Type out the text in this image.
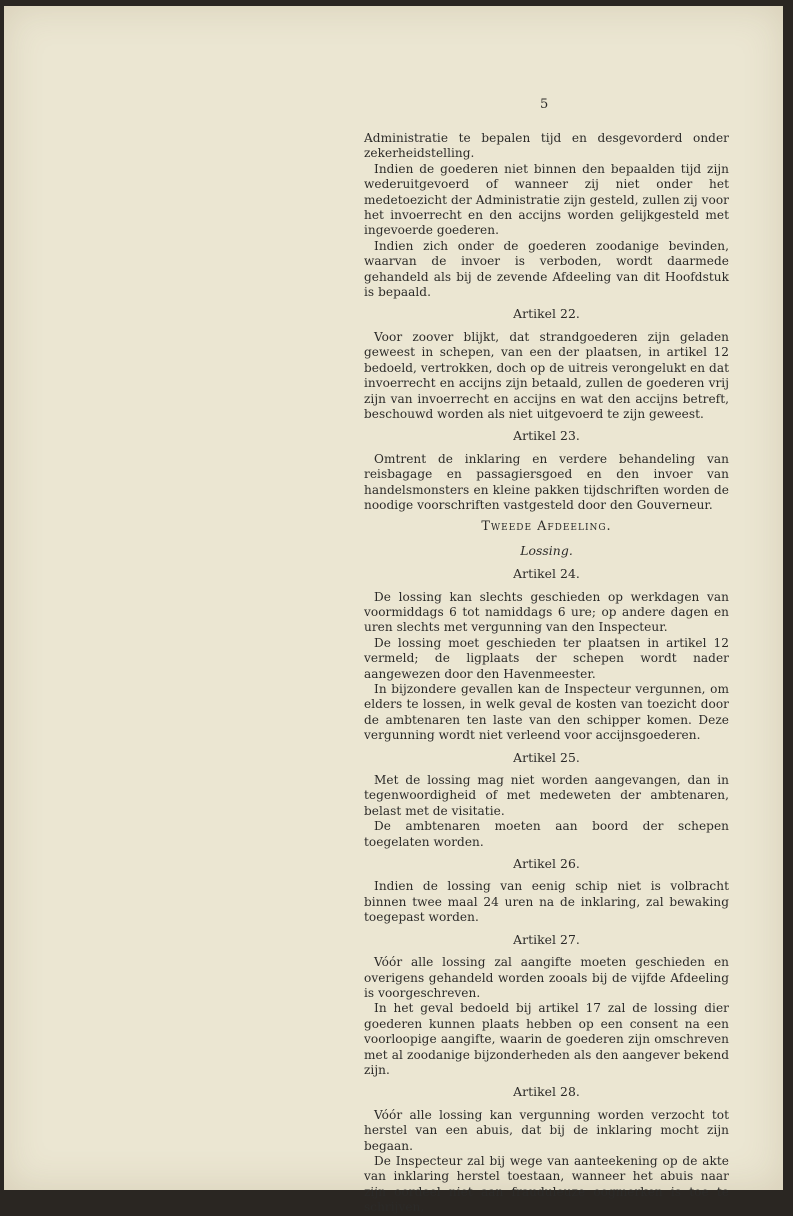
5

Administratie te bepalen tijd en desgevorderd onder zekerheidstelling.

Indien de goederen niet binnen den bepaalden tijd zijn wederuitgevoerd of wanneer zij niet onder het medetoezicht der Administratie zijn gesteld, zullen zij voor het invoerrecht en den accijns worden gelijkgesteld met ingevoerde goederen.

Indien zich onder de goederen zoodanige bevinden, waarvan de invoer is verboden, wordt daarmede gehandeld als bij de zevende Afdeeling van dit Hoofdstuk is bepaald.

Artikel 22.

Voor zoover blijkt, dat strandgoederen zijn geladen geweest in schepen, van een der plaatsen, in artikel 12 bedoeld, vertrokken, doch op de uitreis verongelukt en dat invoerrecht en accijns zijn betaald, zullen de goederen vrij zijn van invoerrecht en accijns en wat den accijns betreft, beschouwd worden als niet uitgevoerd te zijn geweest.

Artikel 23.

Omtrent de inklaring en verdere behandeling van reisbagage en passagiersgoed en den invoer van handelsmonsters en kleine pakken tijdschriften worden de noodige voorschriften vastgesteld door den Gouverneur.

Tweede Afdeeling.
Lossing.
Artikel 24.

De lossing kan slechts geschieden op werkdagen van voormiddags 6 tot namiddags 6 ure; op andere dagen en uren slechts met vergunning van den Inspecteur.

De lossing moet geschieden ter plaatsen in artikel 12 vermeld; de ligplaats der schepen wordt nader aangewezen door den Havenmeester.

In bijzondere gevallen kan de Inspecteur vergunnen, om elders te lossen, in welk geval de kosten van toezicht door de ambtenaren ten laste van den schipper komen. Deze vergunning wordt niet verleend voor accijnsgoederen.

Artikel 25.

Met de lossing mag niet worden aangevangen, dan in tegenwoordigheid of met medeweten der ambtenaren, belast met de visitatie.

De ambtenaren moeten aan boord der schepen toegelaten worden.

Artikel 26.

Indien de lossing van eenig schip niet is volbracht binnen twee maal 24 uren na de inklaring, zal bewaking toegepast worden.

Artikel 27.

Vóór alle lossing zal aangifte moeten geschieden en overigens gehandeld worden zooals bij de vijfde Afdeeling is voorgeschreven.

In het geval bedoeld bij artikel 17 zal de lossing dier goederen kunnen plaats hebben op een consent na een voorloopige aangifte, waarin de goederen zijn omschreven met al zoodanige bijzonderheden als den aangever bekend zijn.

Artikel 28.

Vóór alle lossing kan vergunning worden verzocht tot herstel van een abuis, dat bij de inklaring mocht zijn begaan.

De Inspecteur zal bij wege van aanteekening op de akte van inklaring herstel toestaan, wanneer het abuis naar zijn oordeel niet aan frauduleuze oogmerken is toe te schrijven,
